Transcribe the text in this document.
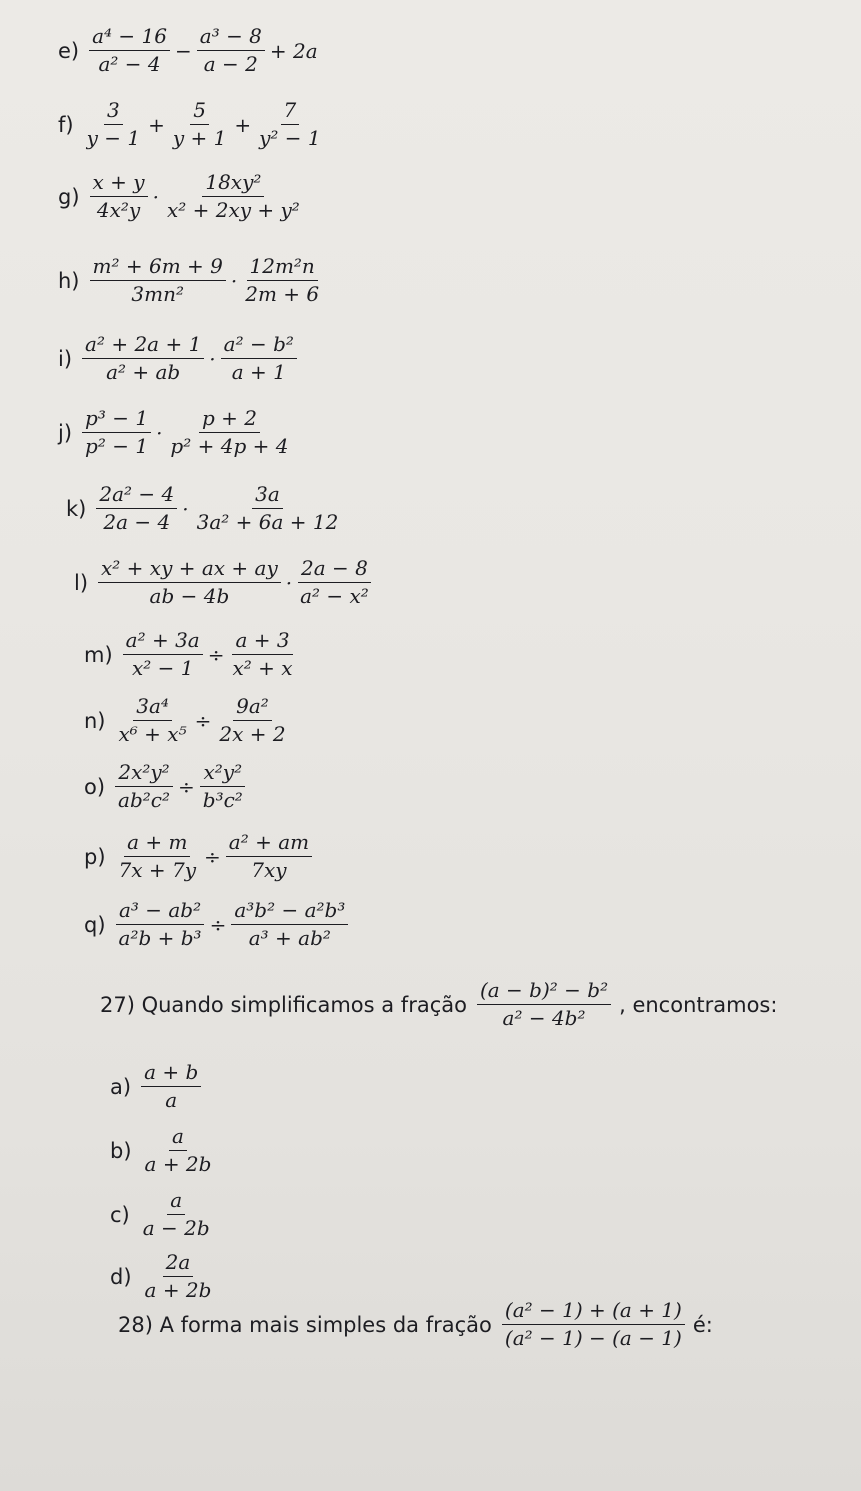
$e) \frac{\text{a⁴ − 16}}{\text{a² − 4}} - \frac{\text{a³ − 8}}{a - 2} + 2a$
$f) \frac{3}{y - 1} + \frac{5}{y + 1} + \frac{7}{\text{y² − 1}}$
$g) \frac{x + y}{\text{4x²y}} \cdot \frac{\text{18xy²}}{\text{x² + 2xy + y²}}$
$h) \frac{\text{m² + 6m + 9}}{\text{3mn²}} \cdot \frac{\text{12m²n}}{2m + 6}$
$i) \frac{\text{a² + 2a + 1}}{\text{a² + ab}} \cdot \frac{\text{a² − b²}}{a + 1}$
$j) \frac{\text{p³ − 1}}{\text{p² − 1}} \cdot \frac{p + 2}{\text{p² + 4p + 4}}$
$k) \frac{\text{2a² − 4}}{2a - 4} \cdot \frac{3a}{\text{3a² + 6a + 12}}$
$l) \frac{\text{x² + xy + ax + ay}}{ab - 4b} \cdot \frac{2a - 8}{\text{a² − x²}}$
$m) \frac{\text{a² + 3a}}{\text{x² − 1}} \div \frac{a + 3}{\text{x² + x}}$
$n) \frac{\text{3a⁴}}{\text{x⁶ + x⁵}} \div \frac{\text{9a²}}{2x + 2}$
$o) \frac{\text{2x²y²}}{\text{ab²c²}} \div \frac{\text{x²y²}}{\text{b³c²}}$
$p) \frac{a + m}{7x + 7y} \div \frac{\text{a² + am}}{7xy}$
$q) \frac{\text{a³ − ab²}}{\text{a²b + b³}} \div \frac{\text{a³b² − a²b³}}{\text{a³ + ab²}}$
27) Quando simplificamos a fração $\frac{\text{(a − b)² − b²}}{\text{a² − 4b²}}$ , encontramos:
$a) \frac{a + b}{a}$
$b) \frac{a}{a + 2b}$
$c) \frac{a}{a - 2b}$
$d) \frac{2a}{a + 2b}$
28) A forma mais simples da fração $\frac{\text{(a² − 1) + (a + 1)}}{\text{(a² − 1) − (a − 1)}}$ é:
